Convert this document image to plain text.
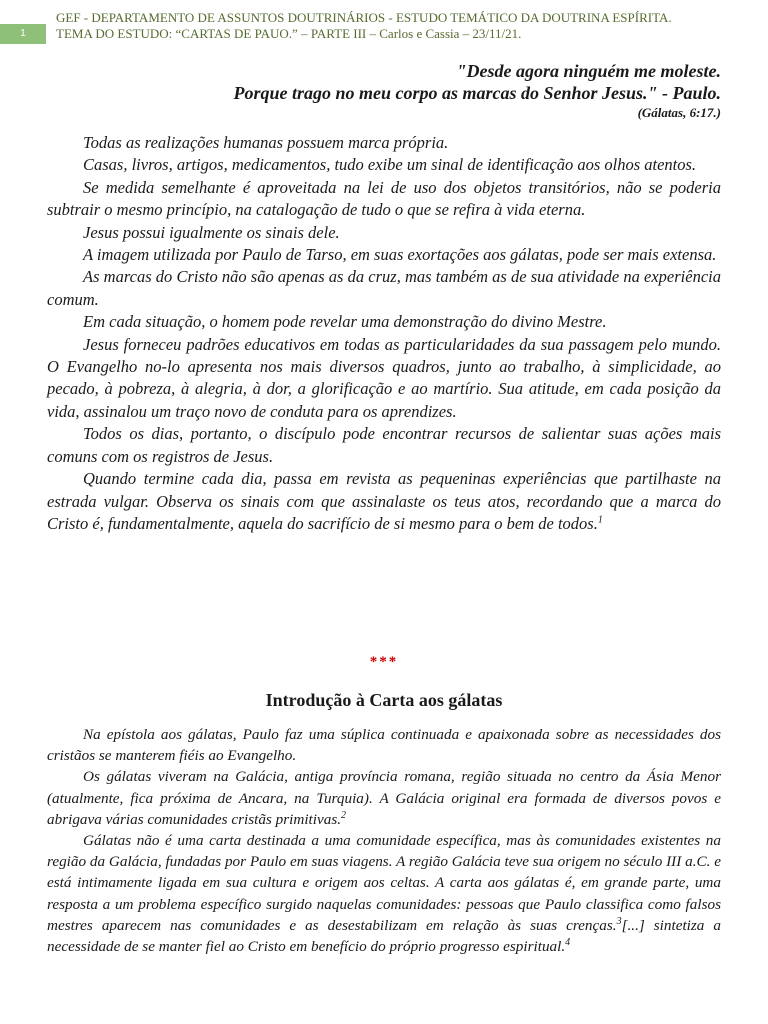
1
GEF - DEPARTAMENTO DE ASSUNTOS DOUTRINÁRIOS - ESTUDO TEMÁTICO DA DOUTRINA ESPÍRITA.
TEMA DO ESTUDO: “CARTAS DE PAUO.” – PARTE III – Carlos e Cassia – 23/11/21.
"Desde agora ninguém me moleste.
Porque trago no meu corpo as marcas do Senhor Jesus." - Paulo.
(Gálatas, 6:17.)

Todas as realizações humanas possuem marca própria.

Casas, livros, artigos, medicamentos, tudo exibe um sinal de identificação aos olhos atentos.

Se medida semelhante é aproveitada na lei de uso dos objetos transitórios, não se poderia subtrair o mesmo princípio, na catalogação de tudo o que se refira à vida eterna.

Jesus possui igualmente os sinais dele.

A imagem utilizada por Paulo de Tarso, em suas exortações aos gálatas, pode ser mais extensa.

As marcas do Cristo não são apenas as da cruz, mas também as de sua atividade na experiência comum.

Em cada situação, o homem pode revelar uma demonstração do divino Mestre.

Jesus forneceu padrões educativos em todas as particularidades da sua passagem pelo mundo. O Evangelho no-lo apresenta nos mais diversos quadros, junto ao trabalho, à simplicidade, ao pecado, à pobreza, à alegria, à dor, a glorificação e ao martírio. Sua atitude, em cada posição da vida, assinalou um traço novo de conduta para os aprendizes.

Todos os dias, portanto, o discípulo pode encontrar recursos de salientar suas ações mais comuns com os registros de Jesus.

Quando termine cada dia, passa em revista as pequeninas experiências que partilhaste na estrada vulgar. Observa os sinais com que assinalaste os teus atos, recordando que a marca do Cristo é, fundamentalmente, aquela do sacrifício de si mesmo para o bem de todos.$^1$

***
Introdução à Carta aos gálatas

Na epístola aos gálatas, Paulo faz uma súplica continuada e apaixonada sobre as necessidades dos cristãos se manterem fiéis ao Evangelho.

Os gálatas viveram na Galácia, antiga província romana, região situada no centro da Ásia Menor (atualmente, fica próxima de Ancara, na Turquia). A Galácia original era formada de diversos povos e abrigava várias comunidades cristãs primitivas.$^2$

Gálatas não é uma carta destinada a uma comunidade específica, mas às comunidades existentes na região da Galácia, fundadas por Paulo em suas viagens. A região Galácia teve sua origem no século III a.C. e está intimamente ligada em sua cultura e origem aos celtas. A carta aos gálatas é, em grande parte, uma resposta a um problema específico surgido naquelas comunidades: pessoas que Paulo classifica como falsos mestres aparecem nas comunidades e as desestabilizam em relação às suas crenças.$^3$[...] sintetiza a necessidade de se manter fiel ao Cristo em benefício do próprio progresso espiritual.$^4$
